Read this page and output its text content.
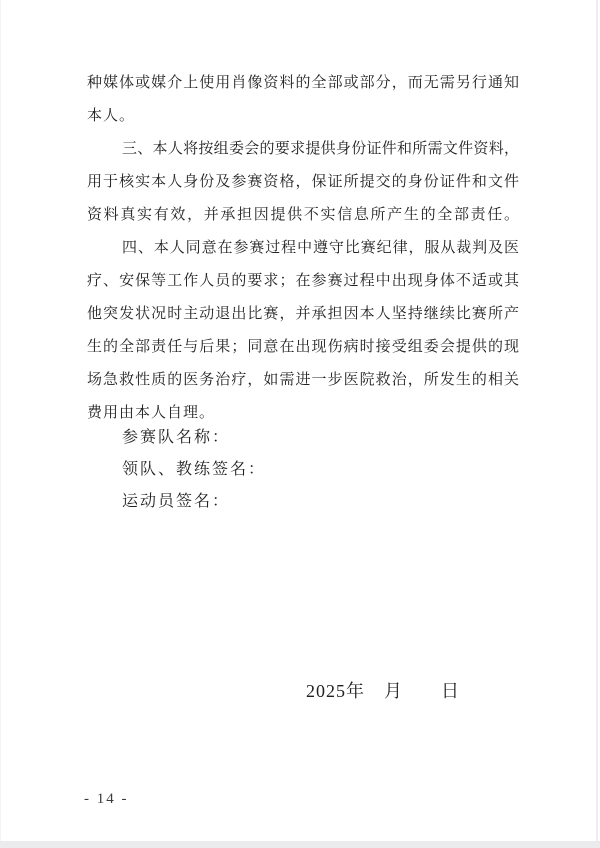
种媒体或媒介上使用肖像资料的全部或部分，而无需另行通知
本人。
三、本人将按组委会的要求提供身份证件和所需文件资料，
用于核实本人身份及参赛资格，保证所提交的身份证件和文件
资料真实有效，并承担因提供不实信息所产生的全部责任。
四、本人同意在参赛过程中遵守比赛纪律，服从裁判及医
疗、安保等工作人员的要求；在参赛过程中出现身体不适或其
他突发状况时主动退出比赛，并承担因本人坚持继续比赛所产
生的全部责任与后果；同意在出现伤病时接受组委会提供的现
场急救性质的医务治疗，如需进一步医院救治，所发生的相关
费用由本人自理。
参赛队名称：
领队、教练签名：
运动员签名：
2025年　月　　日
- 14 -
